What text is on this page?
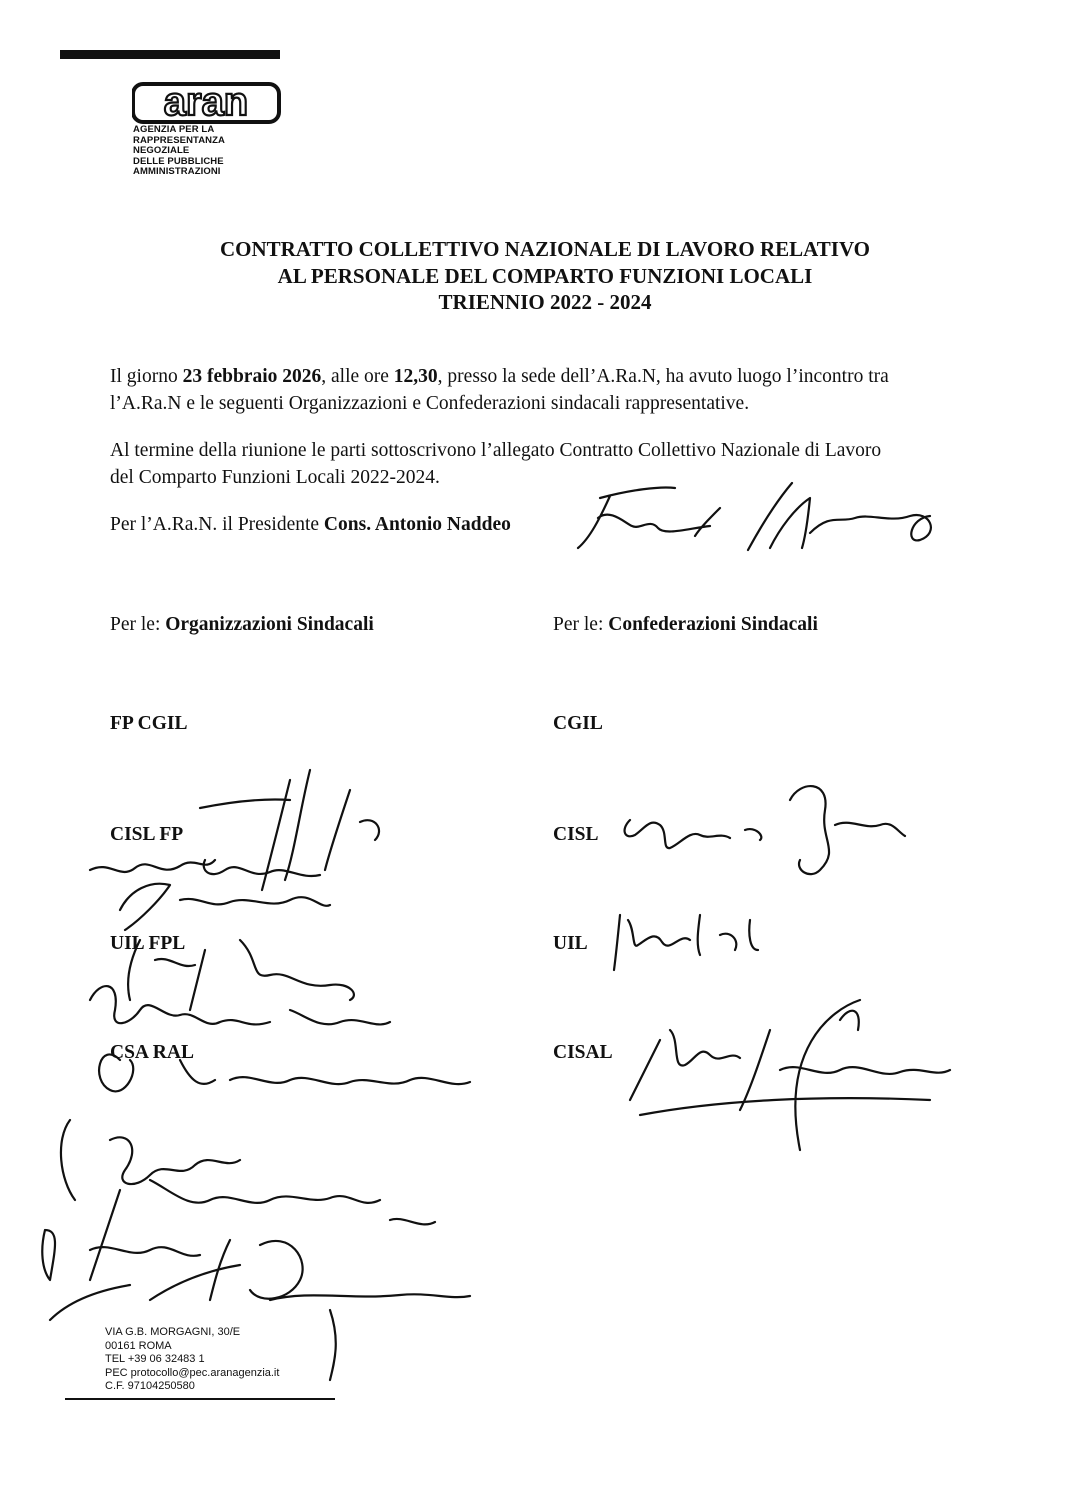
aran
AGENZIA PER LA
RAPPRESENTANZA
NEGOZIALE
DELLE PUBBLICHE
AMMINISTRAZIONI
CONTRATTO COLLETTIVO NAZIONALE DI LAVORO RELATIVO
AL PERSONALE DEL COMPARTO FUNZIONI LOCALI
TRIENNIO 2022 - 2024
Il giorno 23 febbraio 2026, alle ore 12,30, presso la sede dell’A.Ra.N, ha avuto luogo l’incontro tra
l’A.Ra.N e le seguenti Organizzazioni e Confederazioni sindacali rappresentative.
Al termine della riunione le parti sottoscrivono l’allegato Contratto Collettivo Nazionale di Lavoro
del Comparto Funzioni Locali 2022-2024.
Per l’A.Ra.N. il Presidente Cons. Antonio Naddeo
Per le: Organizzazioni Sindacali	Per le: Confederazioni Sindacali
FP CGIL
CISL FP
UIL FPL
CSA RAL
CGIL
CISL
UIL
CISAL
VIA G.B. MORGAGNI, 30/E
00161 ROMA
TEL +39 06 32483 1
PEC protocollo@pec.aranagenzia.it
C.F. 97104250580
